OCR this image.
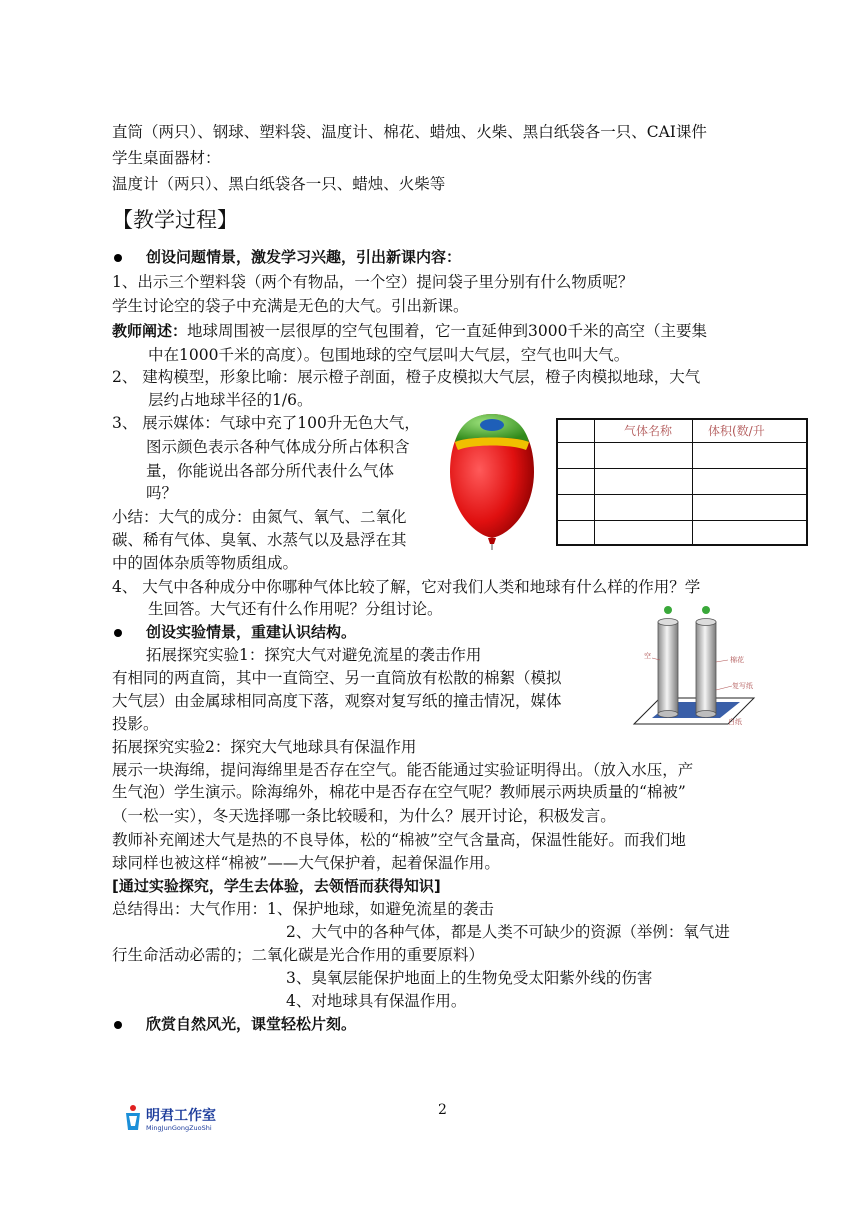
直筒（两只）、钢球、塑料袋、温度计、棉花、蜡烛、火柴、黑白纸袋各一只、CAI课件
学生桌面器材：
温度计（两只）、黑白纸袋各一只、蜡烛、火柴等
【教学过程】
创设问题情景，激发学习兴趣，引出新课内容：
1、出示三个塑料袋（两个有物品，一个空）提问袋子里分别有什么物质呢？
学生讨论空的袋子中充满是无色的大气。引出新课。
教师阐述：地球周围被一层很厚的空气包围着，它一直延伸到3000千米的高空（主要集
中在1000千米的高度）。包围地球的空气层叫大气层，空气也叫大气。
2、 建构模型，形象比喻：展示橙子剖面，橙子皮模拟大气层，橙子肉模拟地球，大气
层约占地球半径的1/6。
3、 展示媒体：气球中充了100升无色大气，
图示颜色表示各种气体成分所占体积含
量，你能说出各部分所代表什么气体
吗？
小结：大气的成分：由氮气、氧气、二氧化
碳、稀有气体、臭氧、水蒸气以及悬浮在其
中的固体杂质等物质组成。
气体名称	体积(数/升
4、 大气中各种成分中你哪种气体比较了解，它对我们人类和地球有什么样的作用？学
生回答。大气还有什么作用呢？分组讨论。
创设实验情景，重建认识结构。
拓展探究实验1：探究大气对避免流星的袭击作用
有相同的两直筒，其中一直筒空、另一直筒放有松散的棉絮（模拟
大气层）由金属球相同高度下落，观察对复写纸的撞击情况，媒体
投影。
空	棉花
复写纸
白纸
拓展探究实验2：探究大气地球具有保温作用
展示一块海绵，提问海绵里是否存在空气。能否能通过实验证明得出。（放入水压，产
生气泡）学生演示。除海绵外，棉花中是否存在空气呢？教师展示两块质量的“棉被”
（一松一实），冬天选择哪一条比较暖和，为什么？展开讨论，积极发言。
教师补充阐述大气是热的不良导体，松的“棉被”空气含量高，保温性能好。而我们地
球同样也被这样“棉被”——大气保护着，起着保温作用。
[通过实验探究，学生去体验，去领悟而获得知识]
总结得出：大气作用：1、保护地球，如避免流星的袭击
2、大气中的各种气体，都是人类不可缺少的资源（举例：氧气进
行生命活动必需的；二氧化碳是光合作用的重要原料）
3、臭氧层能保护地面上的生物免受太阳紫外线的伤害
4、对地球具有保温作用。
欣赏自然风光，课堂轻松片刻。
2
明君工作室
MingJunGongZuoShi
